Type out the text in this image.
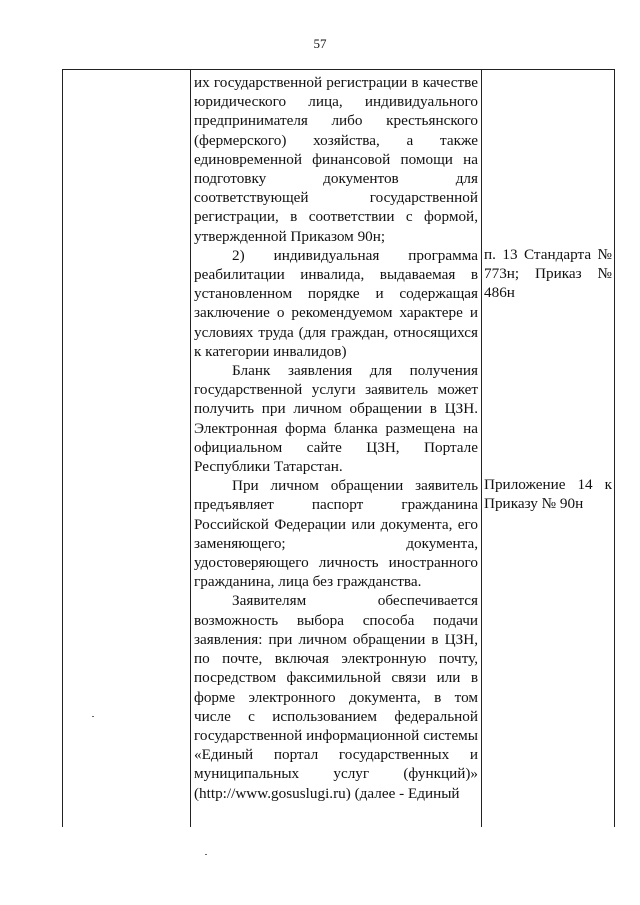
57

их государственной регистрации в качестве юридического лица, индивидуального предпринимателя либо крестьянского (фермерского) хозяйства, а также единовременной финансовой помощи на подготовку документов для соответствующей государственной регистрации, в соответствии с формой, утвержденной Приказом 90н;

2) индивидуальная программа реабилитации инвалида, выдаваемая в установленном порядке и содержащая заключение о рекомендуемом характере и условиях труда (для граждан, относящихся к категории инвалидов)

Бланк заявления для получения государственной услуги заявитель может получить при личном обращении в ЦЗН. Электронная форма бланка размещена на официальном сайте ЦЗН, Портале Республики Татарстан.

При личном обращении заявитель предъявляет паспорт гражданина Российской Федерации или документа, его заменяющего; документа, удостоверяющего личность иностранного гражданина, лица без гражданства.

Заявителям обеспечивается возможность выбора способа подачи заявления: при личном обращении в ЦЗН, по почте, включая электронную почту, посредством факсимильной связи или в форме электронного документа, в том числе с использованием федеральной государственной информационной системы «Единый портал государственных и муниципальных услуг (функций)» (http://www.gosuslugi.ru) (далее - Единый

п. 13 Стандарта № 773н; Приказ № 486н
Приложение 14 к Приказу № 90н
